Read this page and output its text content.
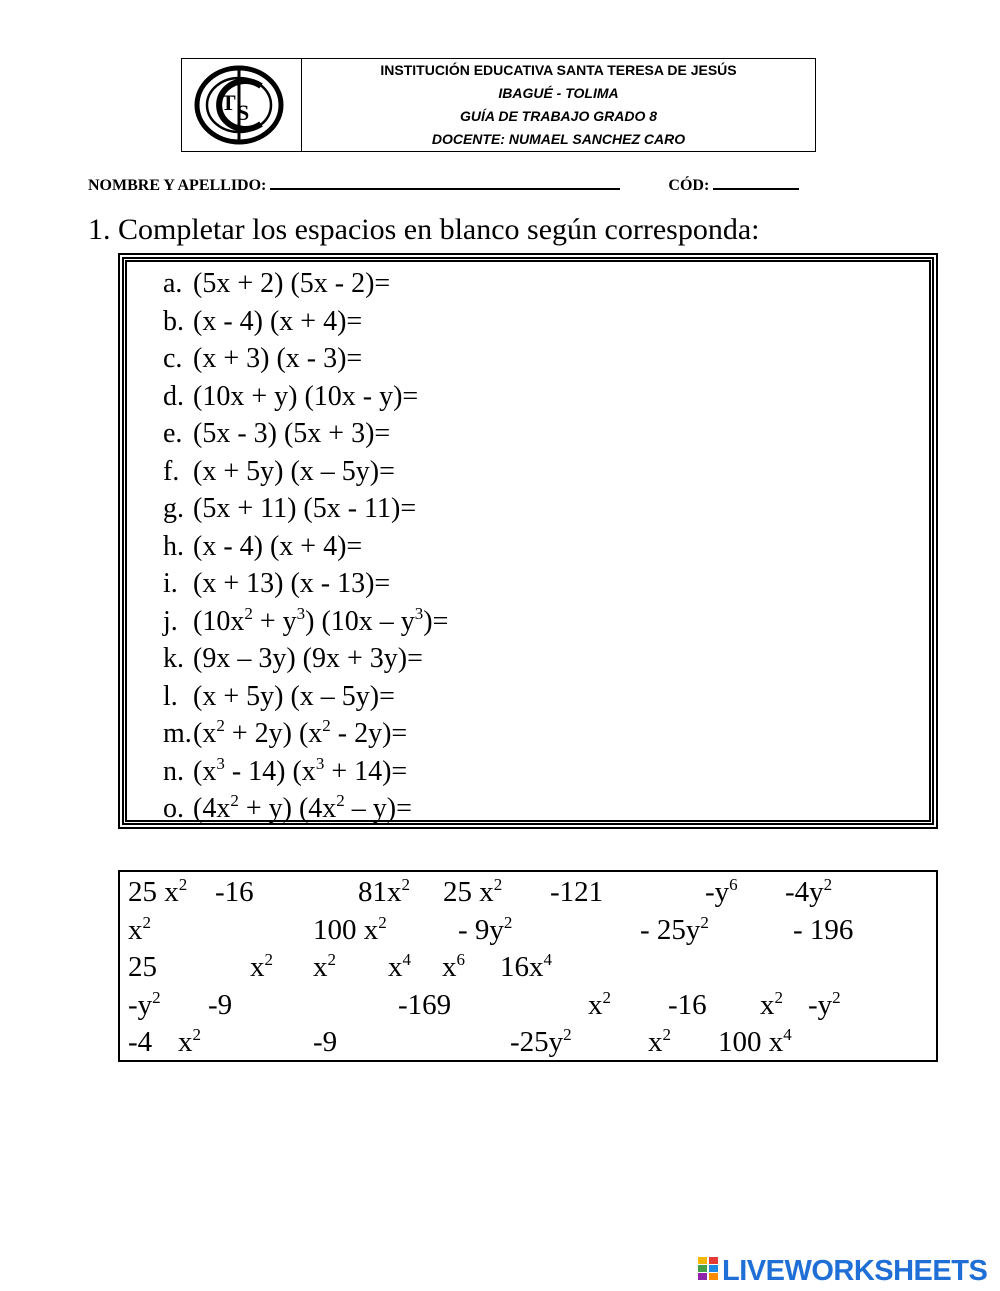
T S
INSTITUCIÓN EDUCATIVA SANTA TERESA DE JESÚS
IBAGUÉ - TOLIMA
GUÍA DE TRABAJO GRADO 8
DOCENTE: NUMAEL SANCHEZ CARO
NOMBRE Y APELLIDO:	CÓD:
1. Completar los espacios en blanco según corresponda:
a. (5x + 2) (5x - 2)=
b. (x - 4) (x + 4)=
c. (x + 3) (x - 3)=
d. (10x + y) (10x - y)=
e. (5x - 3) (5x + 3)=
f. (x + 5y) (x – 5y)=
g. (5x + 11) (5x - 11)=
h. (x - 4) (x + 4)=
i. (x + 13) (x - 13)=
j. $(10x^2 + y^3)$ $(10x - y^3)=$
k. (9x – 3y) (9x + 3y)=
l. (x + 5y) (x – 5y)=
$m.(x^2 + 2y)$ $(x^2 - 2y)=$
n. $(x^3 - 14) (x^3 + 14)=$
o. $(4x^2 + y)$ $(4x^2 - y)=$
25 $x^2$ -16	$81x^2$ 25 $x^2$ -121	$-y^6$ $-4y^2$
$x^2$	100 $x^2 - 9y^2$	- $25y^2$	- 196
25	$x^2$ $x^2$ $x^4$ $x^6$ $16x^4$
$-y^2$ -9	-169	$x^2$ -16 $x^2$ $-y^2$
-4 $x^2$	-9	$-25y^2$	$x^2$ 100 $x^4$
LIVEWORKSHEETS
